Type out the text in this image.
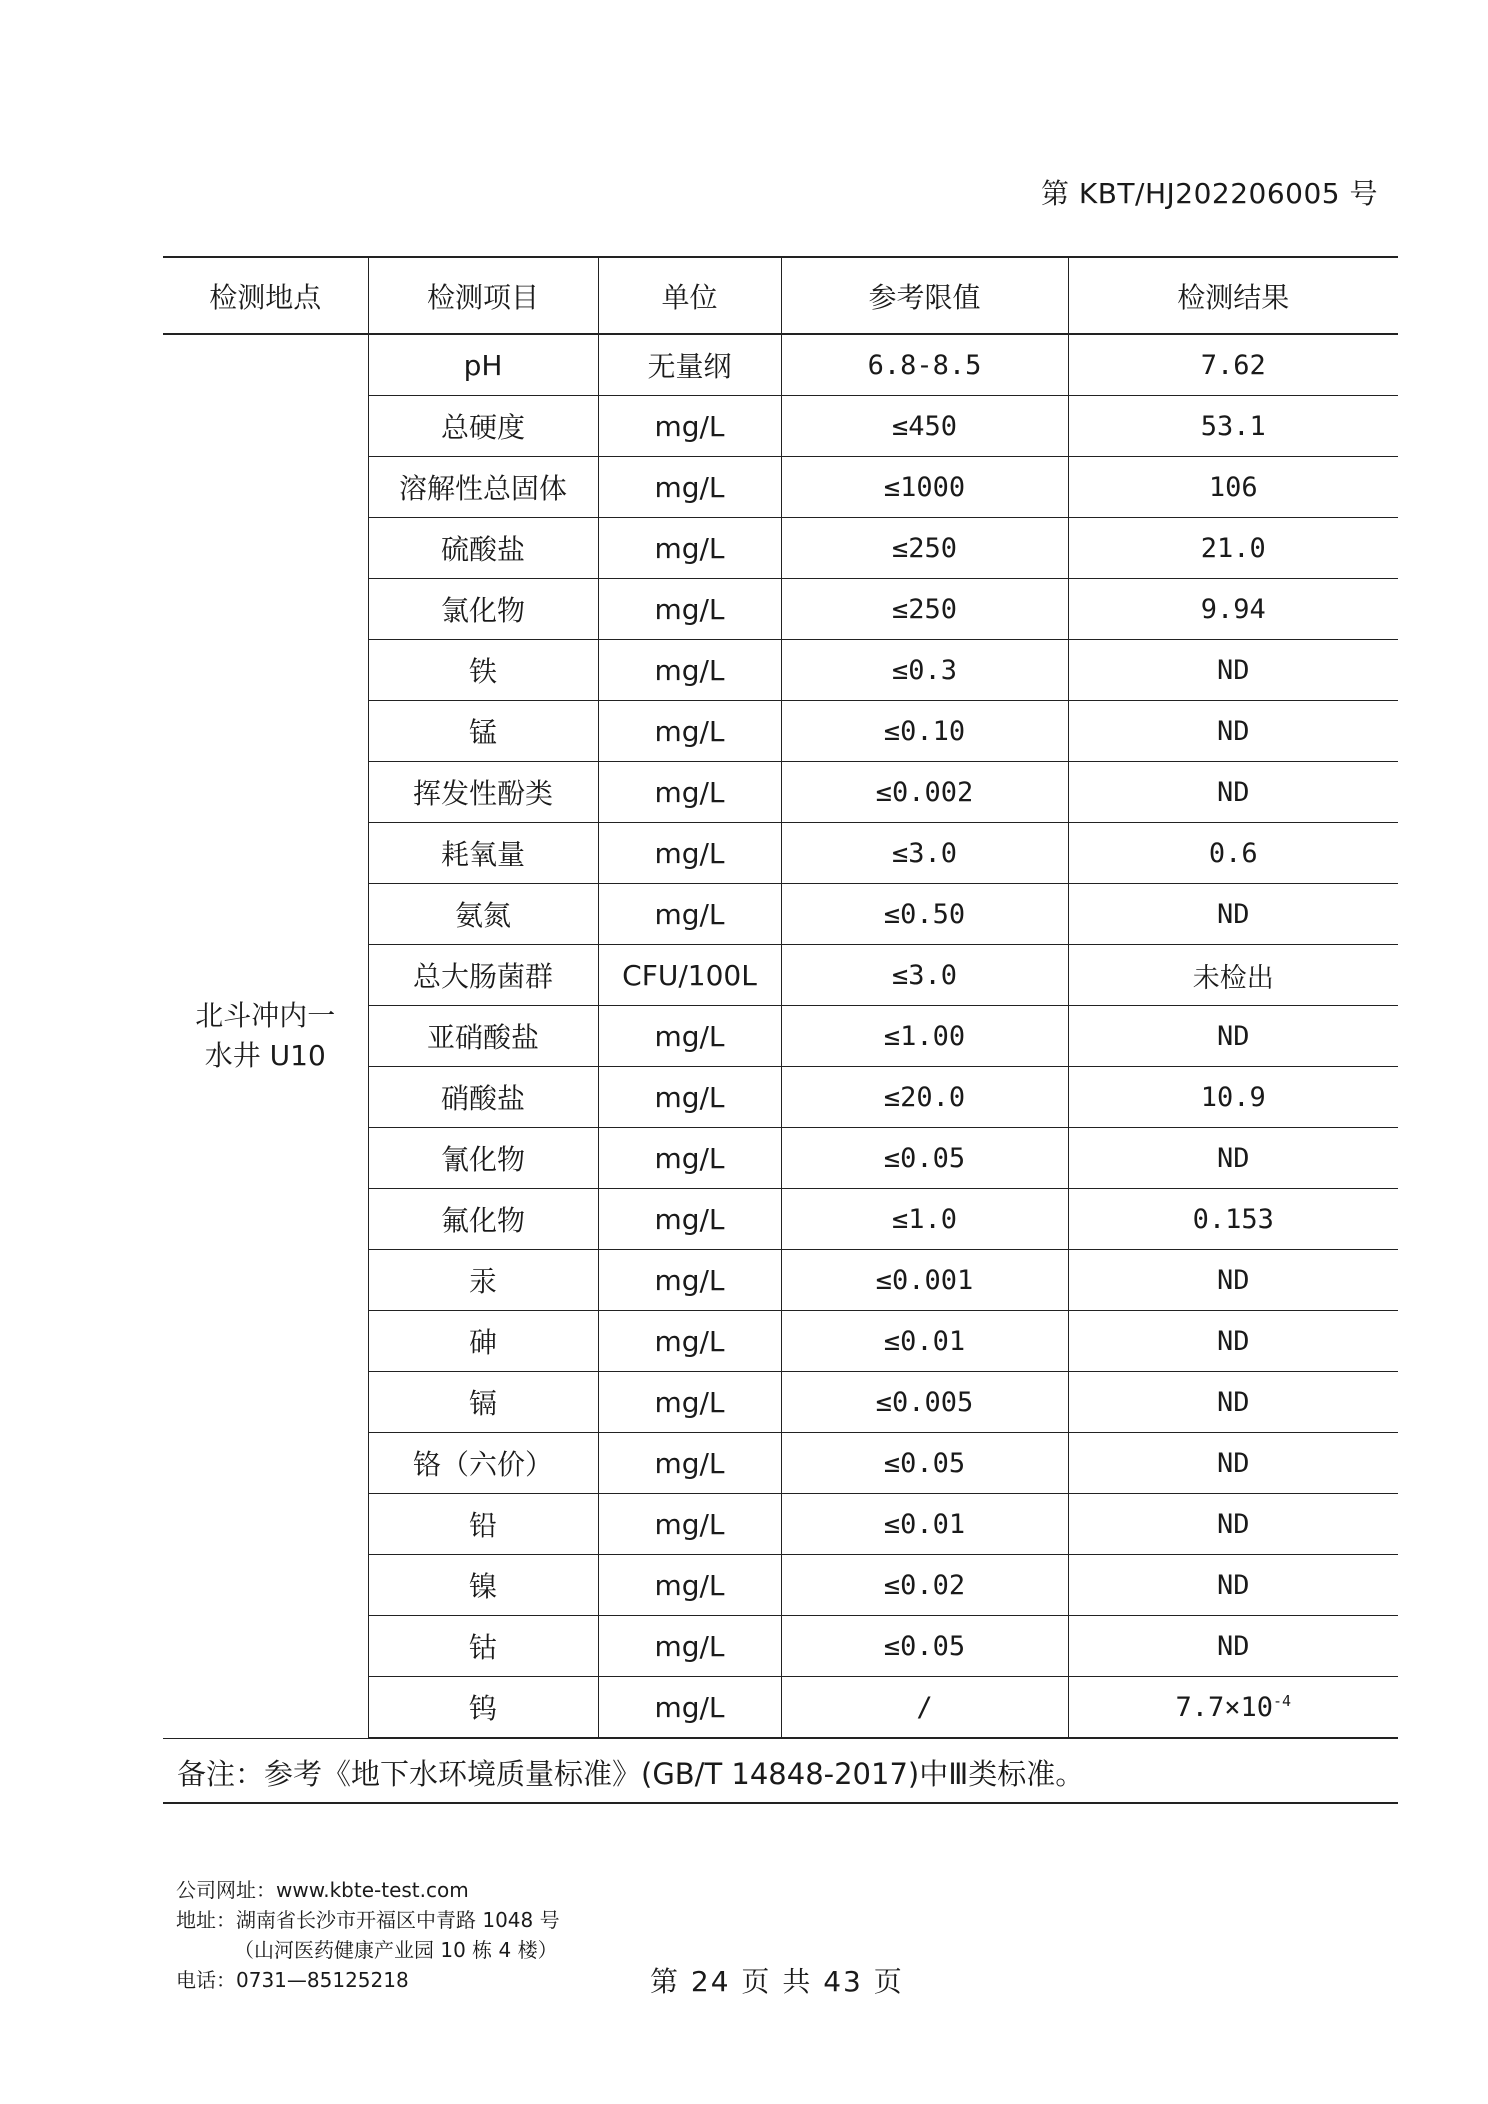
第 KBT/HJ202206005 号
检测地点	检测项目	单位	参考限值	检测结果
北斗冲内一
水井 U10	pH	无量纲	6.8-8.5	7.62
	总硬度	mg/L	≤450	53.1
	溶解性总固体	mg/L	≤1000	106
	硫酸盐	mg/L	≤250	21.0
	氯化物	mg/L	≤250	9.94
	铁	mg/L	≤0.3	ND
	锰	mg/L	≤0.10	ND
	挥发性酚类	mg/L	≤0.002	ND
	耗氧量	mg/L	≤3.0	0.6
	氨氮	mg/L	≤0.50	ND
	总大肠菌群	CFU/100L	≤3.0	未检出
	亚硝酸盐	mg/L	≤1.00	ND
	硝酸盐	mg/L	≤20.0	10.9
	氰化物	mg/L	≤0.05	ND
	氟化物	mg/L	≤1.0	0.153
	汞	mg/L	≤0.001	ND
	砷	mg/L	≤0.01	ND
	镉	mg/L	≤0.005	ND
	铬（六价）	mg/L	≤0.05	ND
	铅	mg/L	≤0.01	ND
	镍	mg/L	≤0.02	ND
	钴	mg/L	≤0.05	ND
	钨	mg/L	/	$7.7\times 10^{-4}$
备注：参考《地下水环境质量标准》(GB/T 14848-2017)中Ⅲ类标准。
公司网址：www.kbte-test.com
地址：湖南省长沙市开福区中青路 1048 号
（山河医药健康产业园 10 栋 4 楼）
电话：0731—85125218	第 24 页 共 43 页
